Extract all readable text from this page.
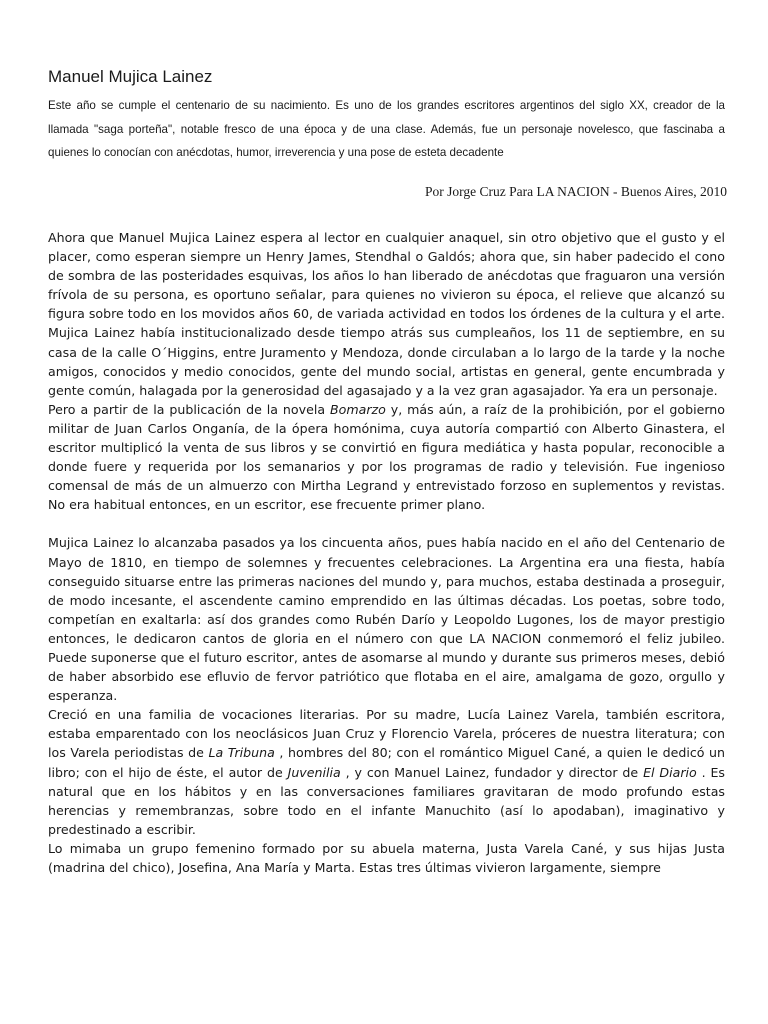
Manuel Mujica Lainez

Este año se cumple el centenario de su nacimiento. Es uno de los grandes escritores argentinos del siglo XX, creador de la llamada "saga porteña", notable fresco de una época y de una clase. Además, fue un personaje novelesco, que fascinaba a quienes lo conocían con anécdotas, humor, irreverencia y una pose de esteta decadente

Por Jorge Cruz Para LA NACION - Buenos Aires, 2010

Ahora que Manuel Mujica Lainez espera al lector en cualquier anaquel, sin otro objetivo que el gusto y el placer, como esperan siempre un Henry James, Stendhal o Galdós; ahora que, sin haber padecido el cono de sombra de las posteridades esquivas, los años lo han liberado de anécdotas que fraguaron una versión frívola de su persona, es oportuno señalar, para quienes no vivieron su época, el relieve que alcanzó su figura sobre todo en los movidos años 60, de variada actividad en todos los órdenes de la cultura y el arte. Mujica Lainez había institucionalizado desde tiempo atrás sus cumpleaños, los 11 de septiembre, en su casa de la calle O´Higgins, entre Juramento y Mendoza, donde circulaban a lo largo de la tarde y la noche amigos, conocidos y medio conocidos, gente del mundo social, artistas en general, gente encumbrada y gente común, halagada por la generosidad del agasajado y a la vez gran agasajador. Ya era un personaje.

Pero a partir de la publicación de la novela Bomarzo y, más aún, a raíz de la prohibición, por el gobierno militar de Juan Carlos Onganía, de la ópera homónima, cuya autoría compartió con Alberto Ginastera, el escritor multiplicó la venta de sus libros y se convirtió en figura mediática y hasta popular, reconocible a donde fuere y requerida por los semanarios y por los programas de radio y televisión. Fue ingenioso comensal de más de un almuerzo con Mirtha Legrand y entrevistado forzoso en suplementos y revistas. No era habitual entonces, en un escritor, ese frecuente primer plano.

Mujica Lainez lo alcanzaba pasados ya los cincuenta años, pues había nacido en el año del Centenario de Mayo de 1810, en tiempo de solemnes y frecuentes celebraciones. La Argentina era una fiesta, había conseguido situarse entre las primeras naciones del mundo y, para muchos, estaba destinada a proseguir, de modo incesante, el ascendente camino emprendido en las últimas décadas. Los poetas, sobre todo, competían en exaltarla: así dos grandes como Rubén Darío y Leopoldo Lugones, los de mayor prestigio entonces, le dedicaron cantos de gloria en el número con que LA NACION conmemoró el feliz jubileo. Puede suponerse que el futuro escritor, antes de asomarse al mundo y durante sus primeros meses, debió de haber absorbido ese efluvio de fervor patriótico que flotaba en el aire, amalgama de gozo, orgullo y esperanza.

Creció en una familia de vocaciones literarias. Por su madre, Lucía Lainez Varela, también escritora, estaba emparentado con los neoclásicos Juan Cruz y Florencio Varela, próceres de nuestra literatura; con los Varela periodistas de La Tribuna , hombres del 80; con el romántico Miguel Cané, a quien le dedicó un libro; con el hijo de éste, el autor de Juvenilia , y con Manuel Lainez, fundador y director de El Diario . Es natural que en los hábitos y en las conversaciones familiares gravitaran de modo profundo estas herencias y remembranzas, sobre todo en el infante Manuchito (así lo apodaban), imaginativo y predestinado a escribir.

Lo mimaba un grupo femenino formado por su abuela materna, Justa Varela Cané, y sus hijas Justa (madrina del chico), Josefina, Ana María y Marta. Estas tres últimas vivieron largamente, siempre
